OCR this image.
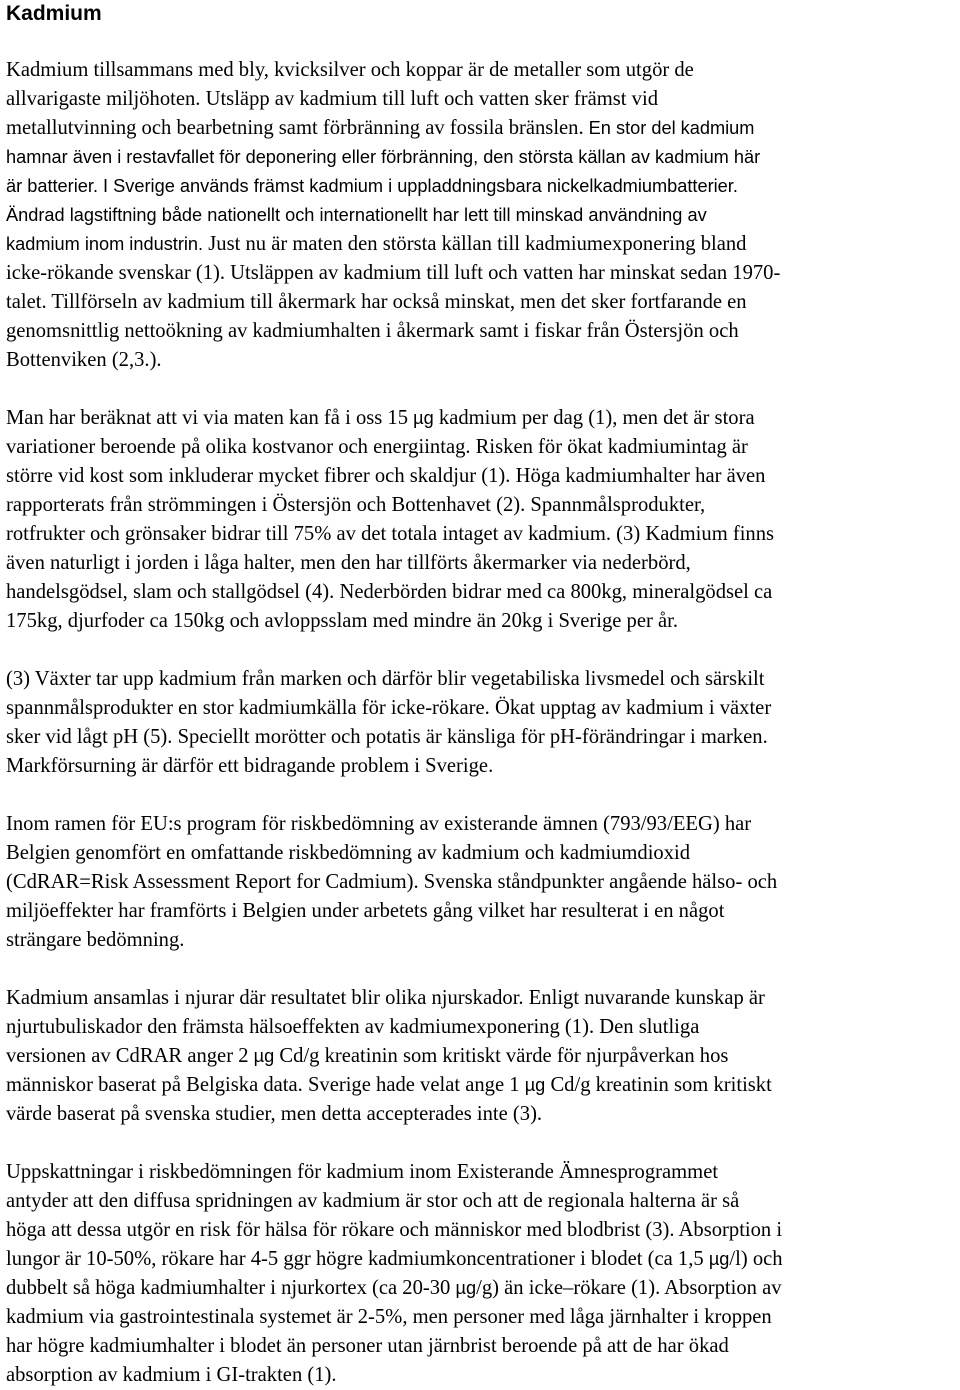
Kadmium

Kadmium tillsammans med bly, kvicksilver och koppar är de metaller som utgör de
allvarigaste miljöhoten. Utsläpp av kadmium till luft och vatten sker främst vid
metallutvinning och bearbetning samt förbränning av fossila bränslen. En stor del kadmium
hamnar även i restavfallet för deponering eller förbränning, den största källan av kadmium här
är batterier. I Sverige används främst kadmium i uppladdningsbara nickelkadmiumbatterier.
Ändrad lagstiftning både nationellt och internationellt har lett till minskad användning av
kadmium inom industrin. Just nu är maten den största källan till kadmiumexponering bland
icke-rökande svenskar (1). Utsläppen av kadmium till luft och vatten har minskat sedan 1970-
talet. Tillförseln av kadmium till åkermark har också minskat, men det sker fortfarande en
genomsnittlig nettoökning av kadmiumhalten i åkermark samt i fiskar från Östersjön och
Bottenviken (2,3.).

Man har beräknat att vi via maten kan få i oss 15 µg kadmium per dag (1), men det är stora
variationer beroende på olika kostvanor och energiintag. Risken för ökat kadmiumintag är
större vid kost som inkluderar mycket fibrer och skaldjur (1). Höga kadmiumhalter har även
rapporterats från strömmingen i Östersjön och Bottenhavet (2). Spannmålsprodukter,
rotfrukter och grönsaker bidrar till 75% av det totala intaget av kadmium. (3) Kadmium finns
även naturligt i jorden i låga halter, men den har tillförts åkermarker via nederbörd,
handelsgödsel, slam och stallgödsel (4). Nederbörden bidrar med ca 800kg, mineralgödsel ca
175kg, djurfoder ca 150kg och avloppsslam med mindre än 20kg i Sverige per år.

(3) Växter tar upp kadmium från marken och därför blir vegetabiliska livsmedel och särskilt
spannmålsprodukter en stor kadmiumkälla för icke-rökare. Ökat upptag av kadmium i växter
sker vid lågt pH (5). Speciellt morötter och potatis är känsliga för pH-förändringar i marken.
Markförsurning är därför ett bidragande problem i Sverige.

Inom ramen för EU:s program för riskbedömning av existerande ämnen (793/93/EEG) har
Belgien genomfört en omfattande riskbedömning av kadmium och kadmiumdioxid
(CdRAR=Risk Assessment Report for Cadmium). Svenska ståndpunkter angående hälso- och
miljöeffekter har framförts i Belgien under arbetets gång vilket har resulterat i en något
strängare bedömning.

Kadmium ansamlas i njurar där resultatet blir olika njurskador. Enligt nuvarande kunskap är
njurtubuliskador den främsta hälsoeffekten av kadmiumexponering (1). Den slutliga
versionen av CdRAR anger 2 µg Cd/g kreatinin som kritiskt värde för njurpåverkan hos
människor baserat på Belgiska data. Sverige hade velat ange 1 µg Cd/g kreatinin som kritiskt
värde baserat på svenska studier, men detta accepterades inte (3).

Uppskattningar i riskbedömningen för kadmium inom Existerande Ämnesprogrammet
antyder att den diffusa spridningen av kadmium är stor och att de regionala halterna är så
höga att dessa utgör en risk för hälsa för rökare och människor med blodbrist (3). Absorption i
lungor är 10-50%, rökare har 4-5 ggr högre kadmiumkoncentrationer i blodet (ca 1,5 µg/l) och
dubbelt så höga kadmiumhalter i njurkortex (ca 20-30 µg/g) än icke–rökare (1). Absorption av
kadmium via gastrointestinala systemet är 2-5%, men personer med låga järnhalter i kroppen
har högre kadmiumhalter i blodet än personer utan järnbrist beroende på att de har ökad
absorption av kadmium i GI-trakten (1).
